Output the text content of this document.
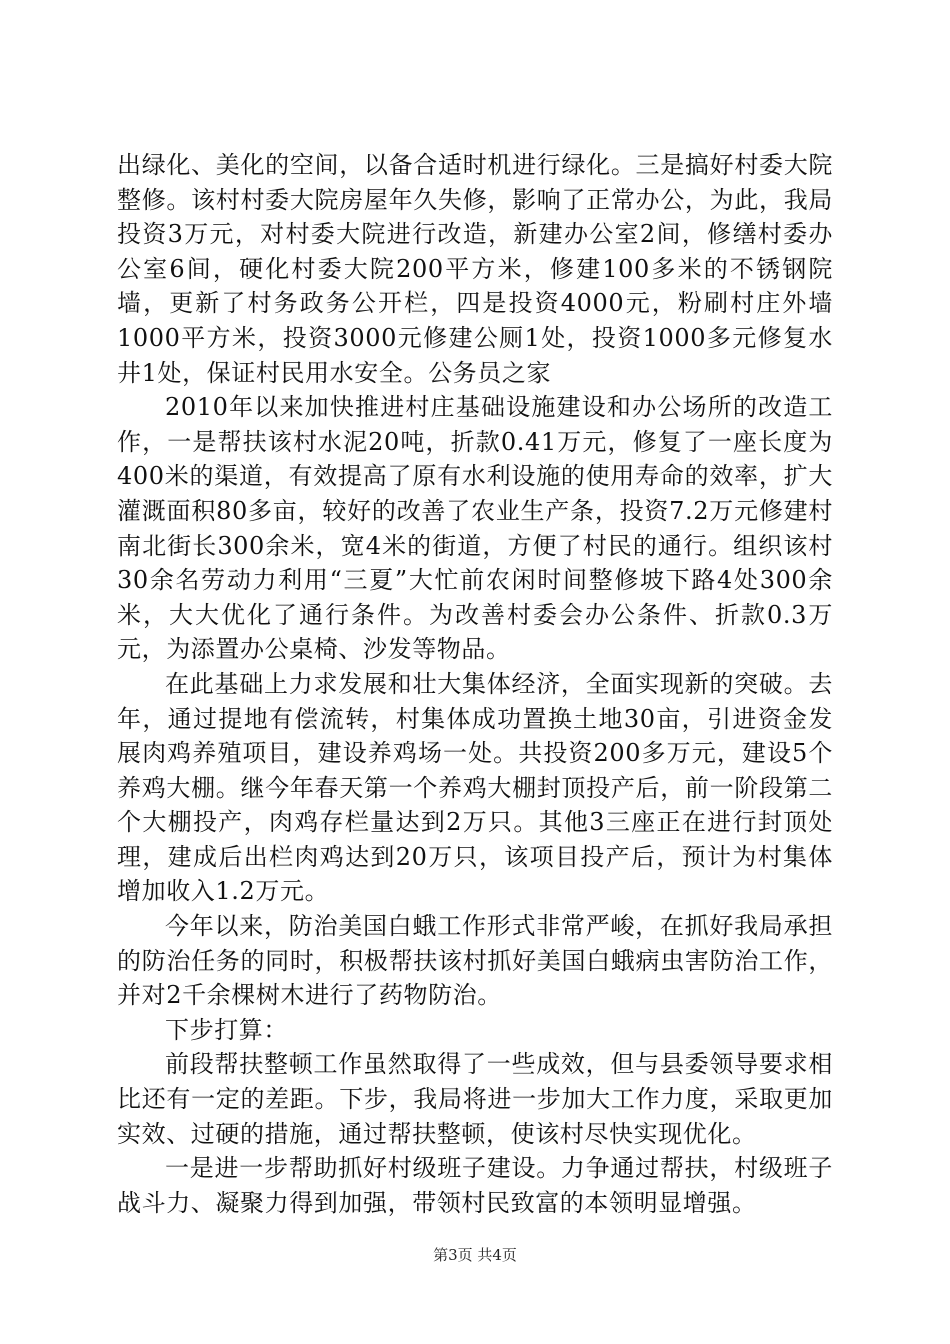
出绿化、美化的空间，以备合适时机进行绿化。三是搞好村委大院整修。该村村委大院房屋年久失修，影响了正常办公，为此，我局投资3万元，对村委大院进行改造，新建办公室2间，修缮村委办公室6间，硬化村委大院200平方米，修建100多米的不锈钢院墙，更新了村务政务公开栏，四是投资4000元，粉刷村庄外墙1000平方米，投资3000元修建公厕1处，投资1000多元修复水井1处，保证村民用水安全。公务员之家

2010年以来加快推进村庄基础设施建设和办公场所的改造工作，一是帮扶该村水泥20吨，折款0.41万元，修复了一座长度为400米的渠道，有效提高了原有水利设施的使用寿命的效率，扩大灌溉面积80多亩，较好的改善了农业生产条，投资7.2万元修建村南北街长300余米，宽4米的街道，方便了村民的通行。组织该村30余名劳动力利用“三夏”大忙前农闲时间整修坡下路4处300余米，大大优化了通行条件。为改善村委会办公条件、折款0.3万元，为添置办公桌椅、沙发等物品。

在此基础上力求发展和壮大集体经济，全面实现新的突破。去年，通过提地有偿流转，村集体成功置换土地30亩，引进资金发展肉鸡养殖项目，建设养鸡场一处。共投资200多万元，建设5个养鸡大棚。继今年春天第一个养鸡大棚封顶投产后，前一阶段第二个大棚投产，肉鸡存栏量达到2万只。其他3三座正在进行封顶处理，建成后出栏肉鸡达到20万只，该项目投产后，预计为村集体增加收入1.2万元。

今年以来，防治美国白蛾工作形式非常严峻，在抓好我局承担的防治任务的同时，积极帮扶该村抓好美国白蛾病虫害防治工作，并对2千余棵树木进行了药物防治。

下步打算：

前段帮扶整顿工作虽然取得了一些成效，但与县委领导要求相比还有一定的差距。下步，我局将进一步加大工作力度，采取更加实效、过硬的措施，通过帮扶整顿，使该村尽快实现优化。

一是进一步帮助抓好村级班子建设。力争通过帮扶，村级班子战斗力、凝聚力得到加强，带领村民致富的本领明显增强。

第3页 共4页
